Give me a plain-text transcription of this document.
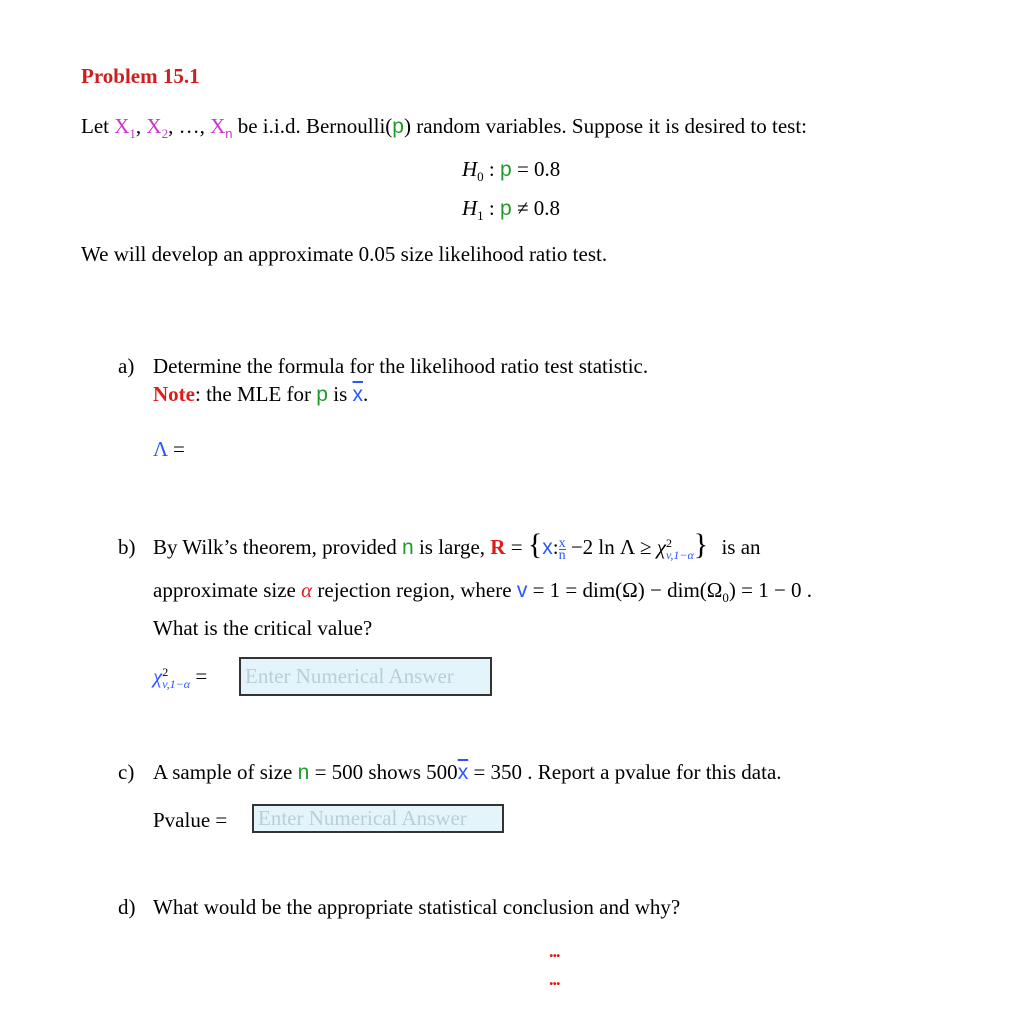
Problem 15.1
Let $X_1$, $X_2$, …, $X_n$ be i.i.d. Bernoulli(p) random variables. Suppose it is desired to test:
$H_0$ : p = 0.8
$H_1$ : p ≠ 0.8
We will develop an approximate 0.05 size likelihood ratio test.
a) Determine the formula for the likelihood ratio test statistic.
Note: the MLE for p is $\overline{x}$.
Λ =
b) By Wilk’s theorem, provided n is large, R = {x: $\frac{x}{n} -2$ ln Λ ≥ χ 2
v,1−α } is an
approximate size α rejection region, where $v = 1 = dim(\Omega) - dim(\Omega_0) = 1 - 0$ .
What is the critical value?
χ 2
v,1−α =
Enter Numerical Answer
c) A sample of size n = 500 shows $500\overline{x} = 350$ . Report a pvalue for this data.
Pvalue =
Enter Numerical Answer
d) What would be the appropriate statistical conclusion and why?
...
...
